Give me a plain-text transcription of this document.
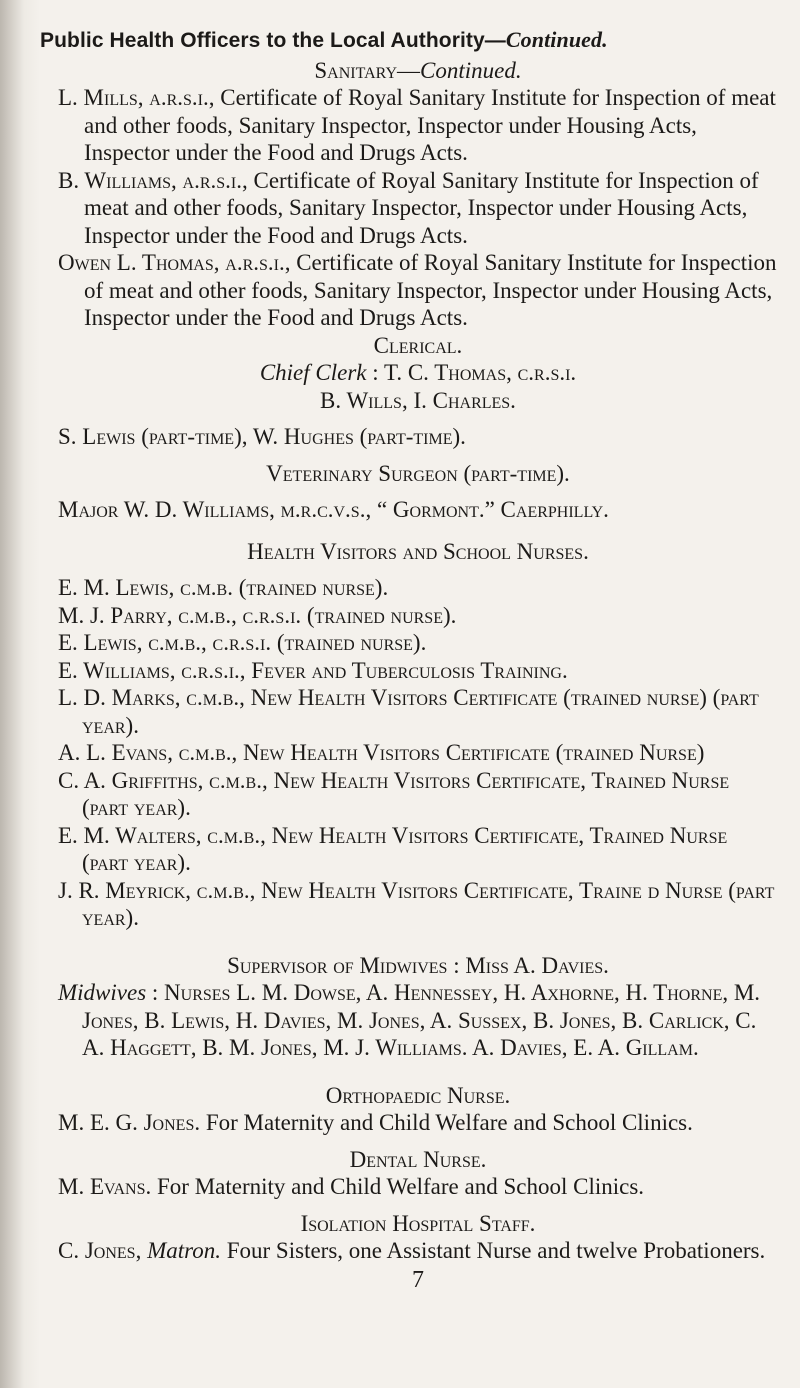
Public Health Officers to the Local Authority—Continued.
Sanitary—Continued.
L. Mills, a.r.s.i., Certificate of Royal Sanitary Institute for Inspection of meat and other foods, Sanitary Inspector, Inspector under Housing Acts, Inspector under the Food and Drugs Acts.
B. Williams, a.r.s.i., Certificate of Royal Sanitary Institute for Inspection of meat and other foods, Sanitary Inspector, Inspector under Housing Acts, Inspector under the Food and Drugs Acts.
Owen L. Thomas, a.r.s.i., Certificate of Royal Sanitary Institute for Inspection of meat and other foods, Sanitary Inspector, Inspector under Housing Acts, Inspector under the Food and Drugs Acts.
Clerical.
Chief Clerk : T. C. Thomas, c.r.s.i.
B. Wills, I. Charles.
S. Lewis (part-time), W. Hughes (part-time).
Veterinary Surgeon (part-time).
Major W. D. Williams, m.r.c.v.s., “ Gormont.” Caerphilly.
Health Visitors and School Nurses.
E. M. Lewis, c.m.b. (trained nurse).
M. J. Parry, c.m.b., c.r.s.i. (trained nurse).
E. Lewis, c.m.b., c.r.s.i. (trained nurse).
E. Williams, c.r.s.i., Fever and Tuberculosis Training.
L. D. Marks, c.m.b., New Health Visitors Certificate (trained nurse) (part year).
A. L. Evans, c.m.b., New Health Visitors Certificate (trained Nurse)
C. A. Griffiths, c.m.b., New Health Visitors Certificate, Trained Nurse (part year).
E. M. Walters, c.m.b., New Health Visitors Certificate, Trained Nurse (part year).
J. R. Meyrick, c.m.b., New Health Visitors Certificate, Traine d Nurse (part year).
Supervisor of Midwives : Miss A. Davies.
Midwives : Nurses L. M. Dowse, A. Hennessey, H. Axhorne, H. Thorne, M. Jones, B. Lewis, H. Davies, M. Jones, A. Sussex, B. Jones, B. Carlick, C. A. Haggett, B. M. Jones, M. J. Williams. A. Davies, E. A. Gillam.
Orthopaedic Nurse.
M. E. G. Jones. For Maternity and Child Welfare and School Clinics.
Dental Nurse.
M. Evans. For Maternity and Child Welfare and School Clinics.
Isolation Hospital Staff.
C. Jones, Matron. Four Sisters, one Assistant Nurse and twelve Probationers.
7
